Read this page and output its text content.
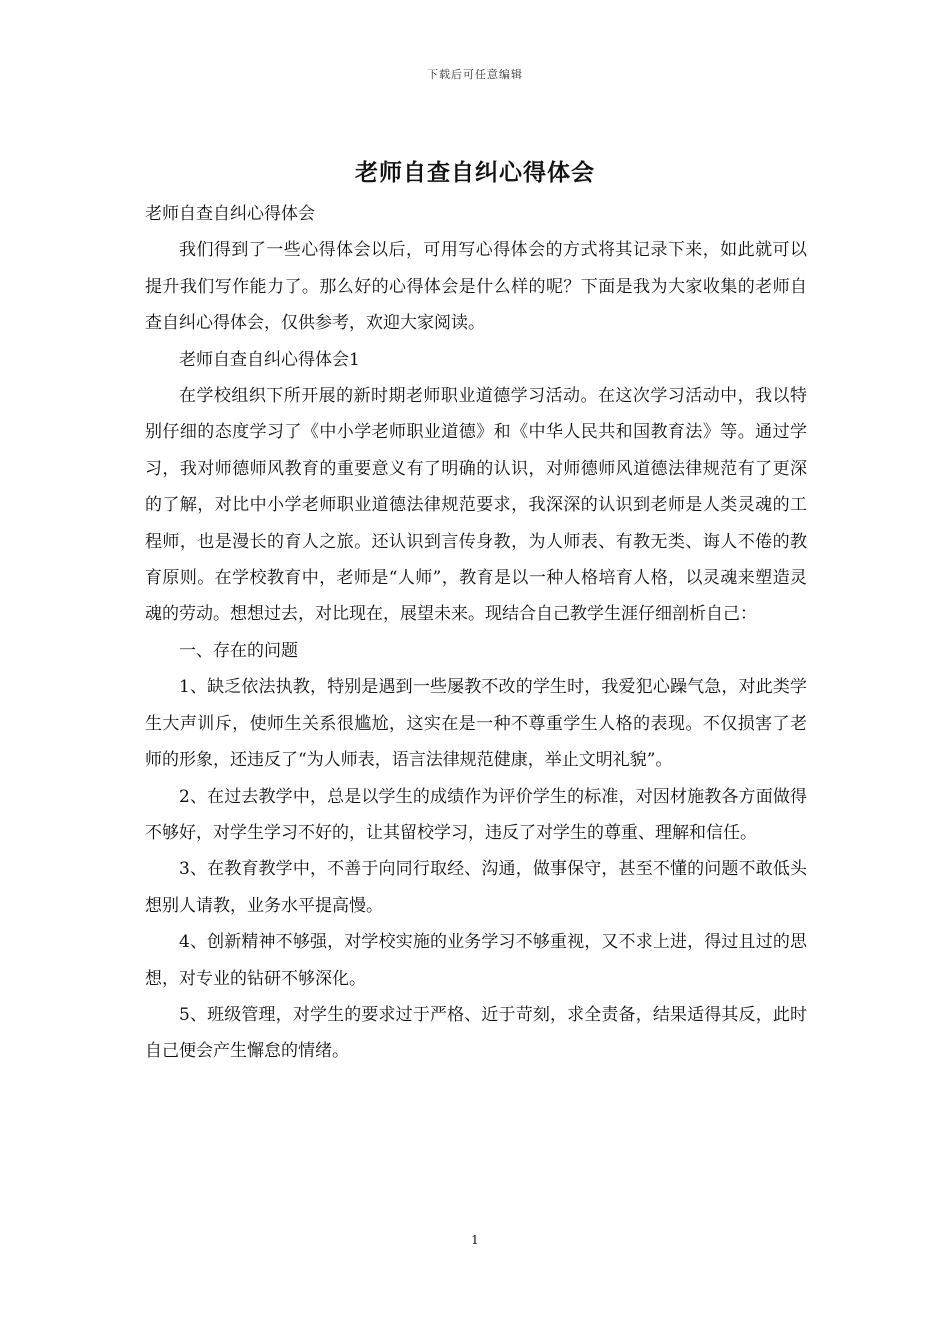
下载后可任意编辑
老师自查自纠心得体会

老师自查自纠心得体会

我们得到了一些心得体会以后，可用写心得体会的方式将其记录下来，如此就可以提升我们写作能力了。那么好的心得体会是什么样的呢？下面是我为大家收集的老师自查自纠心得体会，仅供参考，欢迎大家阅读。

老师自查自纠心得体会1

在学校组织下所开展的新时期老师职业道德学习活动。在这次学习活动中，我以特别仔细的态度学习了《中小学老师职业道德》和《中华人民共和国教育法》等。通过学习，我对师德师风教育的重要意义有了明确的认识，对师德师风道德法律规范有了更深的了解，对比中小学老师职业道德法律规范要求，我深深的认识到老师是人类灵魂的工程师，也是漫长的育人之旅。还认识到言传身教，为人师表、有教无类、诲人不倦的教育原则。在学校教育中，老师是“人师”，教育是以一种人格培育人格，以灵魂来塑造灵魂的劳动。想想过去，对比现在，展望未来。现结合自己教学生涯仔细剖析自己：

一、存在的问题

1、缺乏依法执教，特别是遇到一些屡教不改的学生时，我爱犯心躁气急，对此类学生大声训斥，使师生关系很尴尬，这实在是一种不尊重学生人格的表现。不仅损害了老师的形象，还违反了“为人师表，语言法律规范健康，举止文明礼貌”。

2、在过去教学中，总是以学生的成绩作为评价学生的标准，对因材施教各方面做得不够好，对学生学习不好的，让其留校学习，违反了对学生的尊重、理解和信任。

3、在教育教学中，不善于向同行取经、沟通，做事保守，甚至不懂的问题不敢低头想别人请教，业务水平提高慢。

4、创新精神不够强，对学校实施的业务学习不够重视，又不求上进，得过且过的思想，对专业的钻研不够深化。

5、班级管理，对学生的要求过于严格、近于苛刻，求全责备，结果适得其反，此时自己便会产生懈怠的情绪。

1
